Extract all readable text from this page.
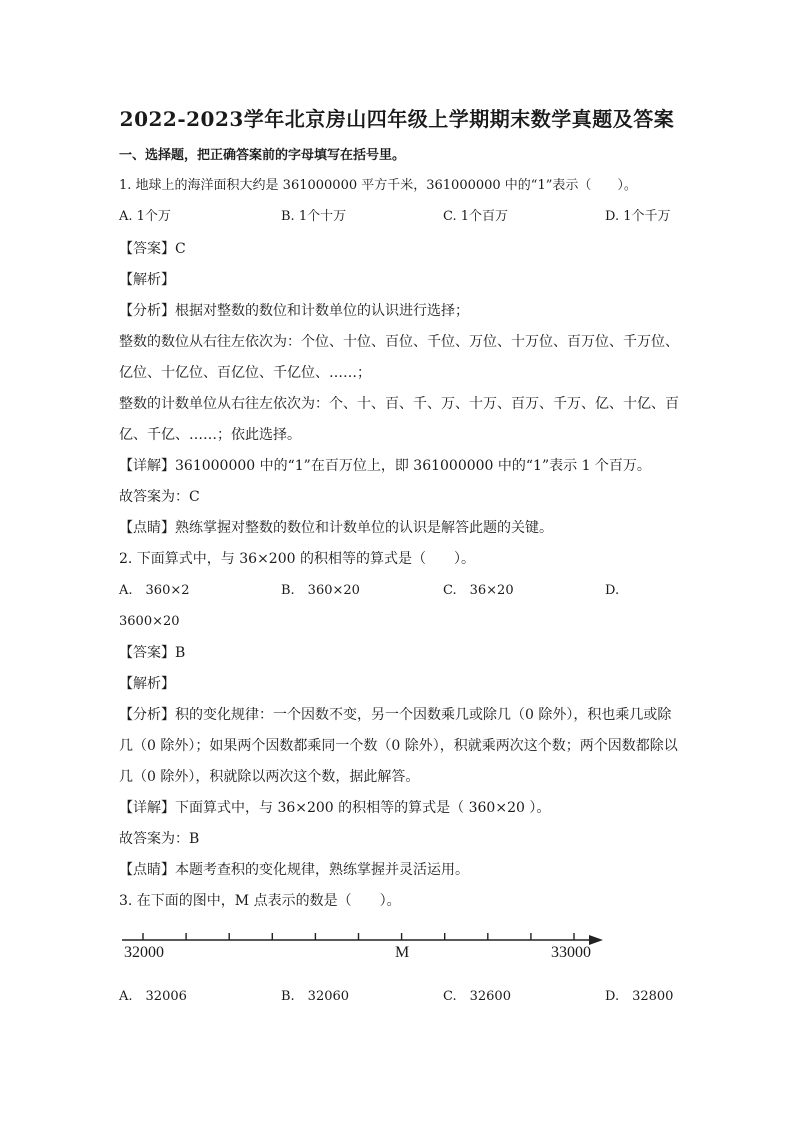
2022-2023学年北京房山四年级上学期期末数学真题及答案
一、选择题，把正确答案前的字母填写在括号里。
1. 地球上的海洋面积大约是 361000000 平方千米，361000000 中的“1”表示（　　）。
A. 1个万	B. 1个十万	C. 1个百万	D. 1个千万
【答案】C
【解析】
【分析】根据对整数的数位和计数单位的认识进行选择；
整数的数位从右往左依次为：个位、十位、百位、千位、万位、十万位、百万位、千万位、
亿位、十亿位、百亿位、千亿位、……；
整数的计数单位从右往左依次为：个、十、百、千、万、十万、百万、千万、亿、十亿、百
亿、千亿、……；依此选择。
【详解】361000000 中的“1”在百万位上，即 361000000 中的“1”表示 1 个百万。
故答案为：C
【点睛】熟练掌握对整数的数位和计数单位的认识是解答此题的关键。
2. 下面算式中，与 36×200 的积相等的算式是（　　）。
A.　360×2	B.　360×20	C.　36×20	D.
3600×20
【答案】B
【解析】
【分析】积的变化规律：一个因数不变，另一个因数乘几或除几（0 除外），积也乘几或除
几（0 除外）；如果两个因数都乘同一个数（0 除外），积就乘两次这个数；两个因数都除以
几（0 除外），积就除以两次这个数，据此解答。
【详解】下面算式中，与 36×200 的积相等的算式是（ 360×20 ）。
故答案为：B
【点睛】本题考查积的变化规律，熟练掌握并灵活运用。
3. 在下面的图中，M 点表示的数是（　　）。
32000	M	33000
A.　32006	B.　32060	C.　32600	D.　32800
